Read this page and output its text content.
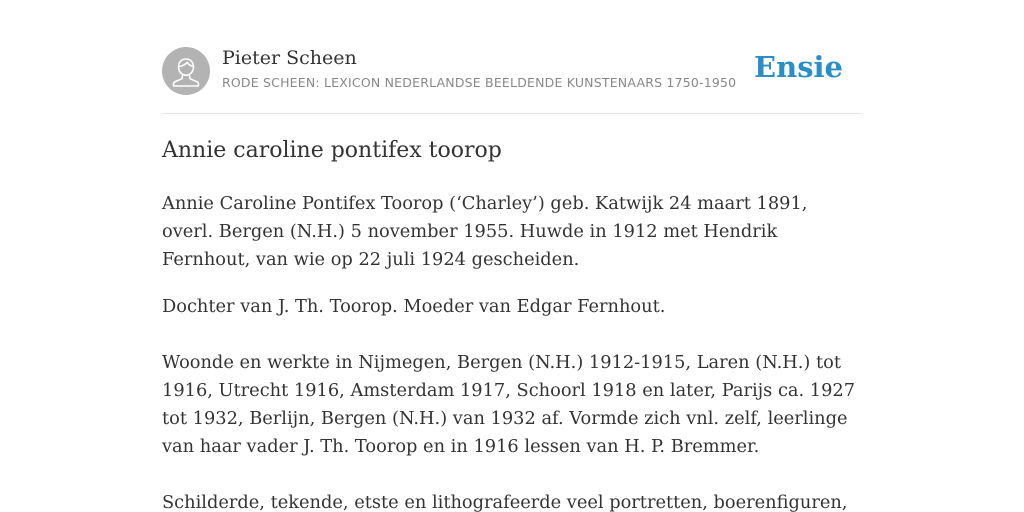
Pieter Scheen
RODE SCHEEN: LEXICON NEDERLANDSE BEELDENDE KUNSTENAARS 1750-1950 Ensie
Annie caroline pontifex toorop

Annie Caroline Pontifex Toorop (‘Charley’) geb. Katwijk 24 maart 1891, overl. Bergen (N.H.) 5 november 1955. Huwde in 1912 met Hendrik Fernhout, van wie op 22 juli 1924 gescheiden.

Dochter van J. Th. Toorop. Moeder van Edgar Fernhout.

Woonde en werkte in Nijmegen, Bergen (N.H.) 1912-1915, Laren (N.H.) tot 1916, Utrecht 1916, Amsterdam 1917, Schoorl 1918 en later, Parijs ca. 1927 tot 1932, Berlijn, Bergen (N.H.) van 1932 af. Vormde zich vnl. zelf, leerlinge van haar vader J. Th. Toorop en in 1916 lessen van H. P. Bremmer.

Schilderde, tekende, etste en lithografeerde veel portretten, boerenfiguren,
